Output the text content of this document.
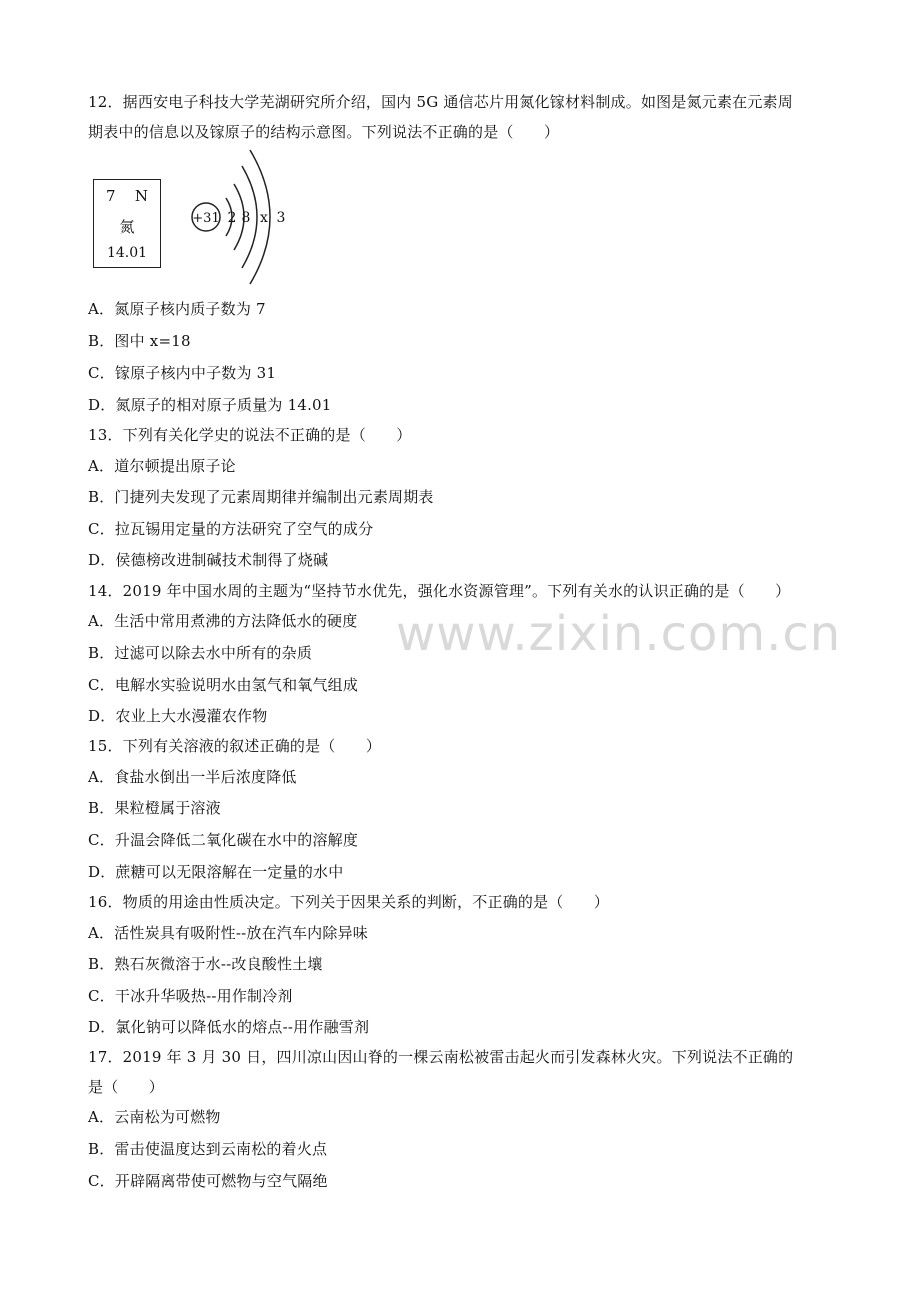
12．据西安电子科技大学芜湖研究所介绍，国内 5G 通信芯片用氮化镓材料制成。如图是氮元素在元素周
期表中的信息以及镓原子的结构示意图。下列说法不正确的是（　　）
7 N
氮
14.01
+31 2 8 x 3
A．氮原子核内质子数为 7
B．图中 x=18
C．镓原子核内中子数为 31
D．氮原子的相对原子质量为 14.01
13．下列有关化学史的说法不正确的是（　　）
A．道尔顿提出原子论
B．门捷列夫发现了元素周期律并编制出元素周期表
C．拉瓦锡用定量的方法研究了空气的成分
D．侯德榜改进制碱技术制得了烧碱
14．2019 年中国水周的主题为“坚持节水优先，强化水资源管理”。下列有关水的认识正确的是（　　）
A．生活中常用煮沸的方法降低水的硬度
B．过滤可以除去水中所有的杂质
C．电解水实验说明水由氢气和氧气组成
D．农业上大水漫灌农作物
15．下列有关溶液的叙述正确的是（　　）
A．食盐水倒出一半后浓度降低
B．果粒橙属于溶液
C．升温会降低二氧化碳在水中的溶解度
D．蔗糖可以无限溶解在一定量的水中
16．物质的用途由性质决定。下列关于因果关系的判断，不正确的是（　　）
A．活性炭具有吸附性--放在汽车内除异味
B．熟石灰微溶于水--改良酸性土壤
C．干冰升华吸热--用作制冷剂
D．氯化钠可以降低水的熔点--用作融雪剂
17．2019 年 3 月 30 日，四川凉山因山脊的一棵云南松被雷击起火而引发森林火灾。下列说法不正确的
是（　　）
A．云南松为可燃物
B．雷击使温度达到云南松的着火点
C．开辟隔离带使可燃物与空气隔绝
www.zixin.com.cn
